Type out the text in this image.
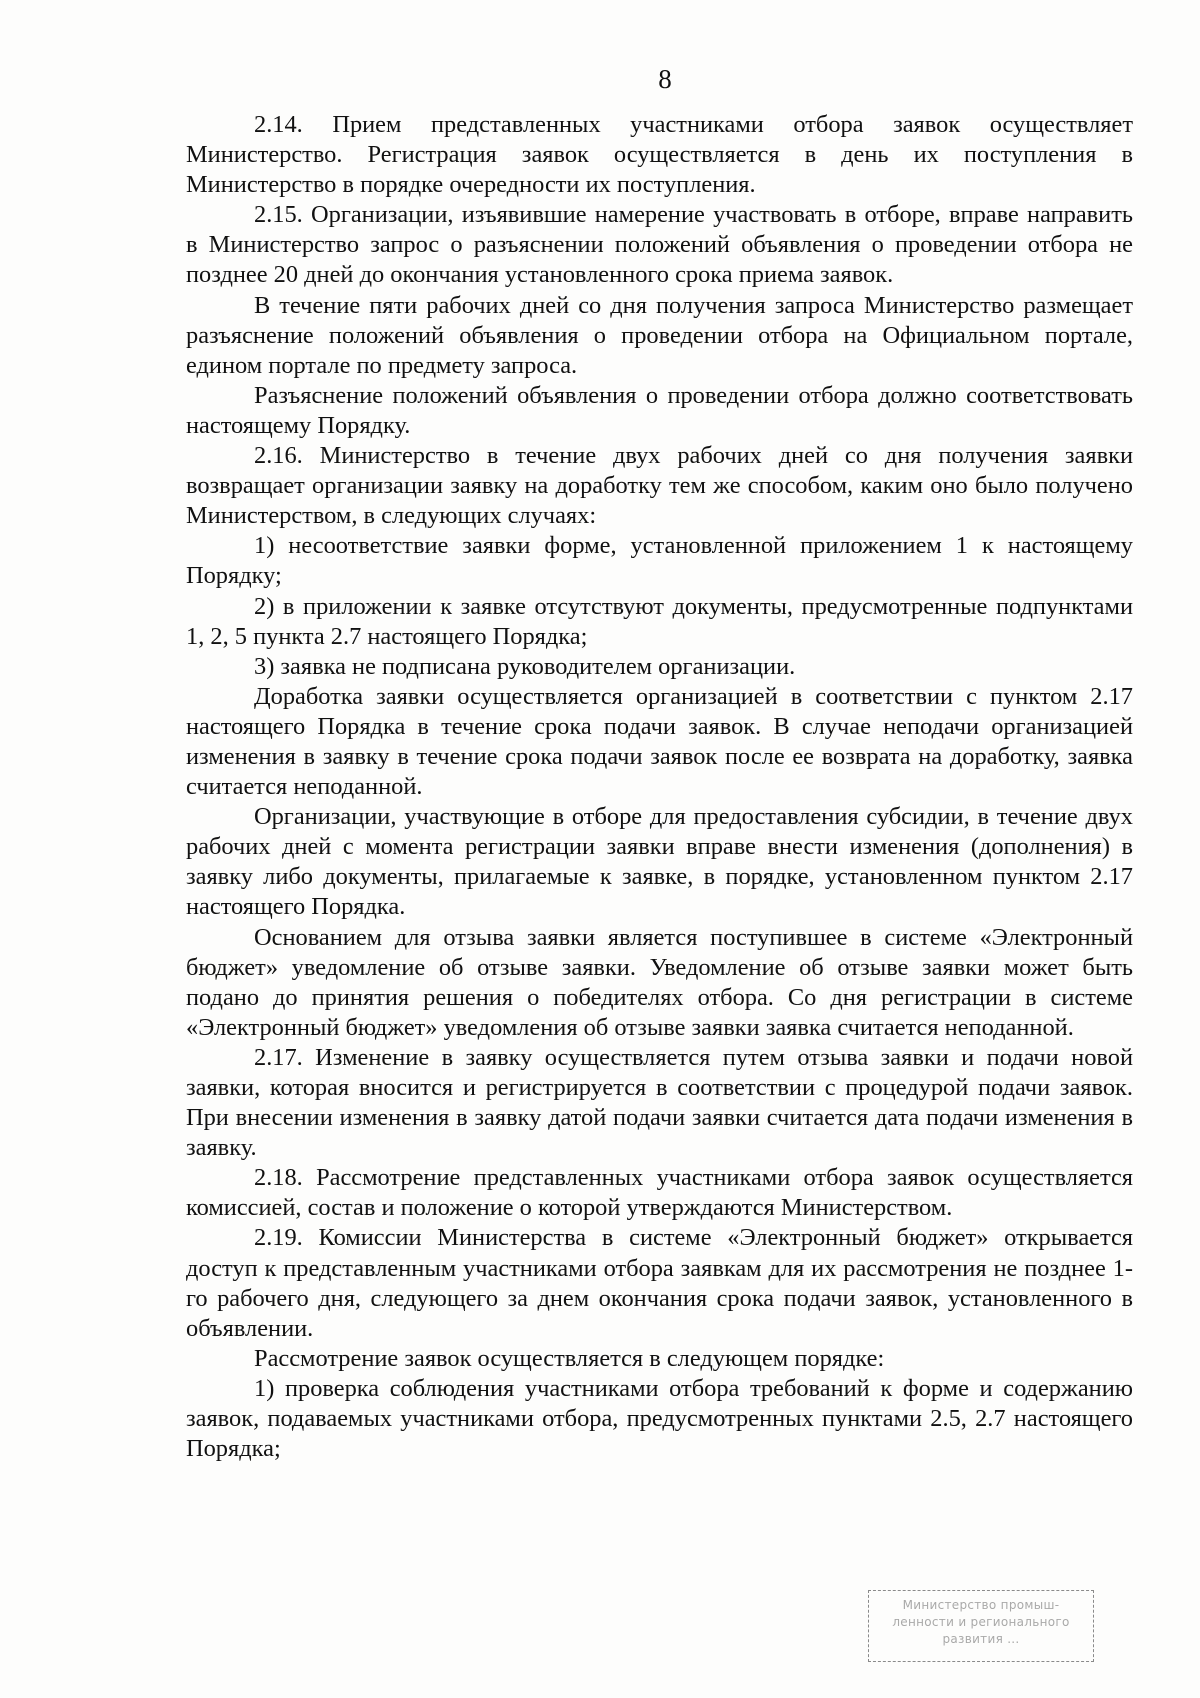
8

2.14. Прием представленных участниками отбора заявок осуществляет Министерство. Регистрация заявок осуществляется в день их поступления в Министерство в порядке очередности их поступления.

2.15. Организации, изъявившие намерение участвовать в отборе, вправе направить в Министерство запрос о разъяснении положений объявления о проведении отбора не позднее 20 дней до окончания установленного срока приема заявок.

В течение пяти рабочих дней со дня получения запроса Министерство размещает разъяснение положений объявления о проведении отбора на Официальном портале, едином портале по предмету запроса.

Разъяснение положений объявления о проведении отбора должно соответствовать настоящему Порядку.

2.16. Министерство в течение двух рабочих дней со дня получения заявки возвращает организации заявку на доработку тем же способом, каким оно было получено Министерством, в следующих случаях:

1) несоответствие заявки форме, установленной приложением 1 к настоящему Порядку;

2) в приложении к заявке отсутствуют документы, предусмотренные подпунктами 1, 2, 5 пункта 2.7 настоящего Порядка;

3) заявка не подписана руководителем организации.

Доработка заявки осуществляется организацией в соответствии с пунктом 2.17 настоящего Порядка в течение срока подачи заявок. В случае неподачи организацией изменения в заявку в течение срока подачи заявок после ее возврата на доработку, заявка считается неподанной.

Организации, участвующие в отборе для предоставления субсидии, в течение двух рабочих дней с момента регистрации заявки вправе внести изменения (дополнения) в заявку либо документы, прилагаемые к заявке, в порядке, установленном пунктом 2.17 настоящего Порядка.

Основанием для отзыва заявки является поступившее в системе «Электронный бюджет» уведомление об отзыве заявки. Уведомление об отзыве заявки может быть подано до принятия решения о победителях отбора. Со дня регистрации в системе «Электронный бюджет» уведомления об отзыве заявки заявка считается неподанной.

2.17. Изменение в заявку осуществляется путем отзыва заявки и подачи новой заявки, которая вносится и регистрируется в соответствии с процедурой подачи заявок. При внесении изменения в заявку датой подачи заявки считается дата подачи изменения в заявку.

2.18. Рассмотрение представленных участниками отбора заявок осуществляется комиссией, состав и положение о которой утверждаются Министерством.

2.19. Комиссии Министерства в системе «Электронный бюджет» открывается доступ к представленным участниками отбора заявкам для их рассмотрения не позднее 1-го рабочего дня, следующего за днем окончания срока подачи заявок, установленного в объявлении.

Рассмотрение заявок осуществляется в следующем порядке:

1) проверка соблюдения участниками отбора требований к форме и содержанию заявок, подаваемых участниками отбора, предусмотренных пунктами 2.5, 2.7 настоящего Порядка;

Министерство промыш-
ленности и регионального
развития ...
